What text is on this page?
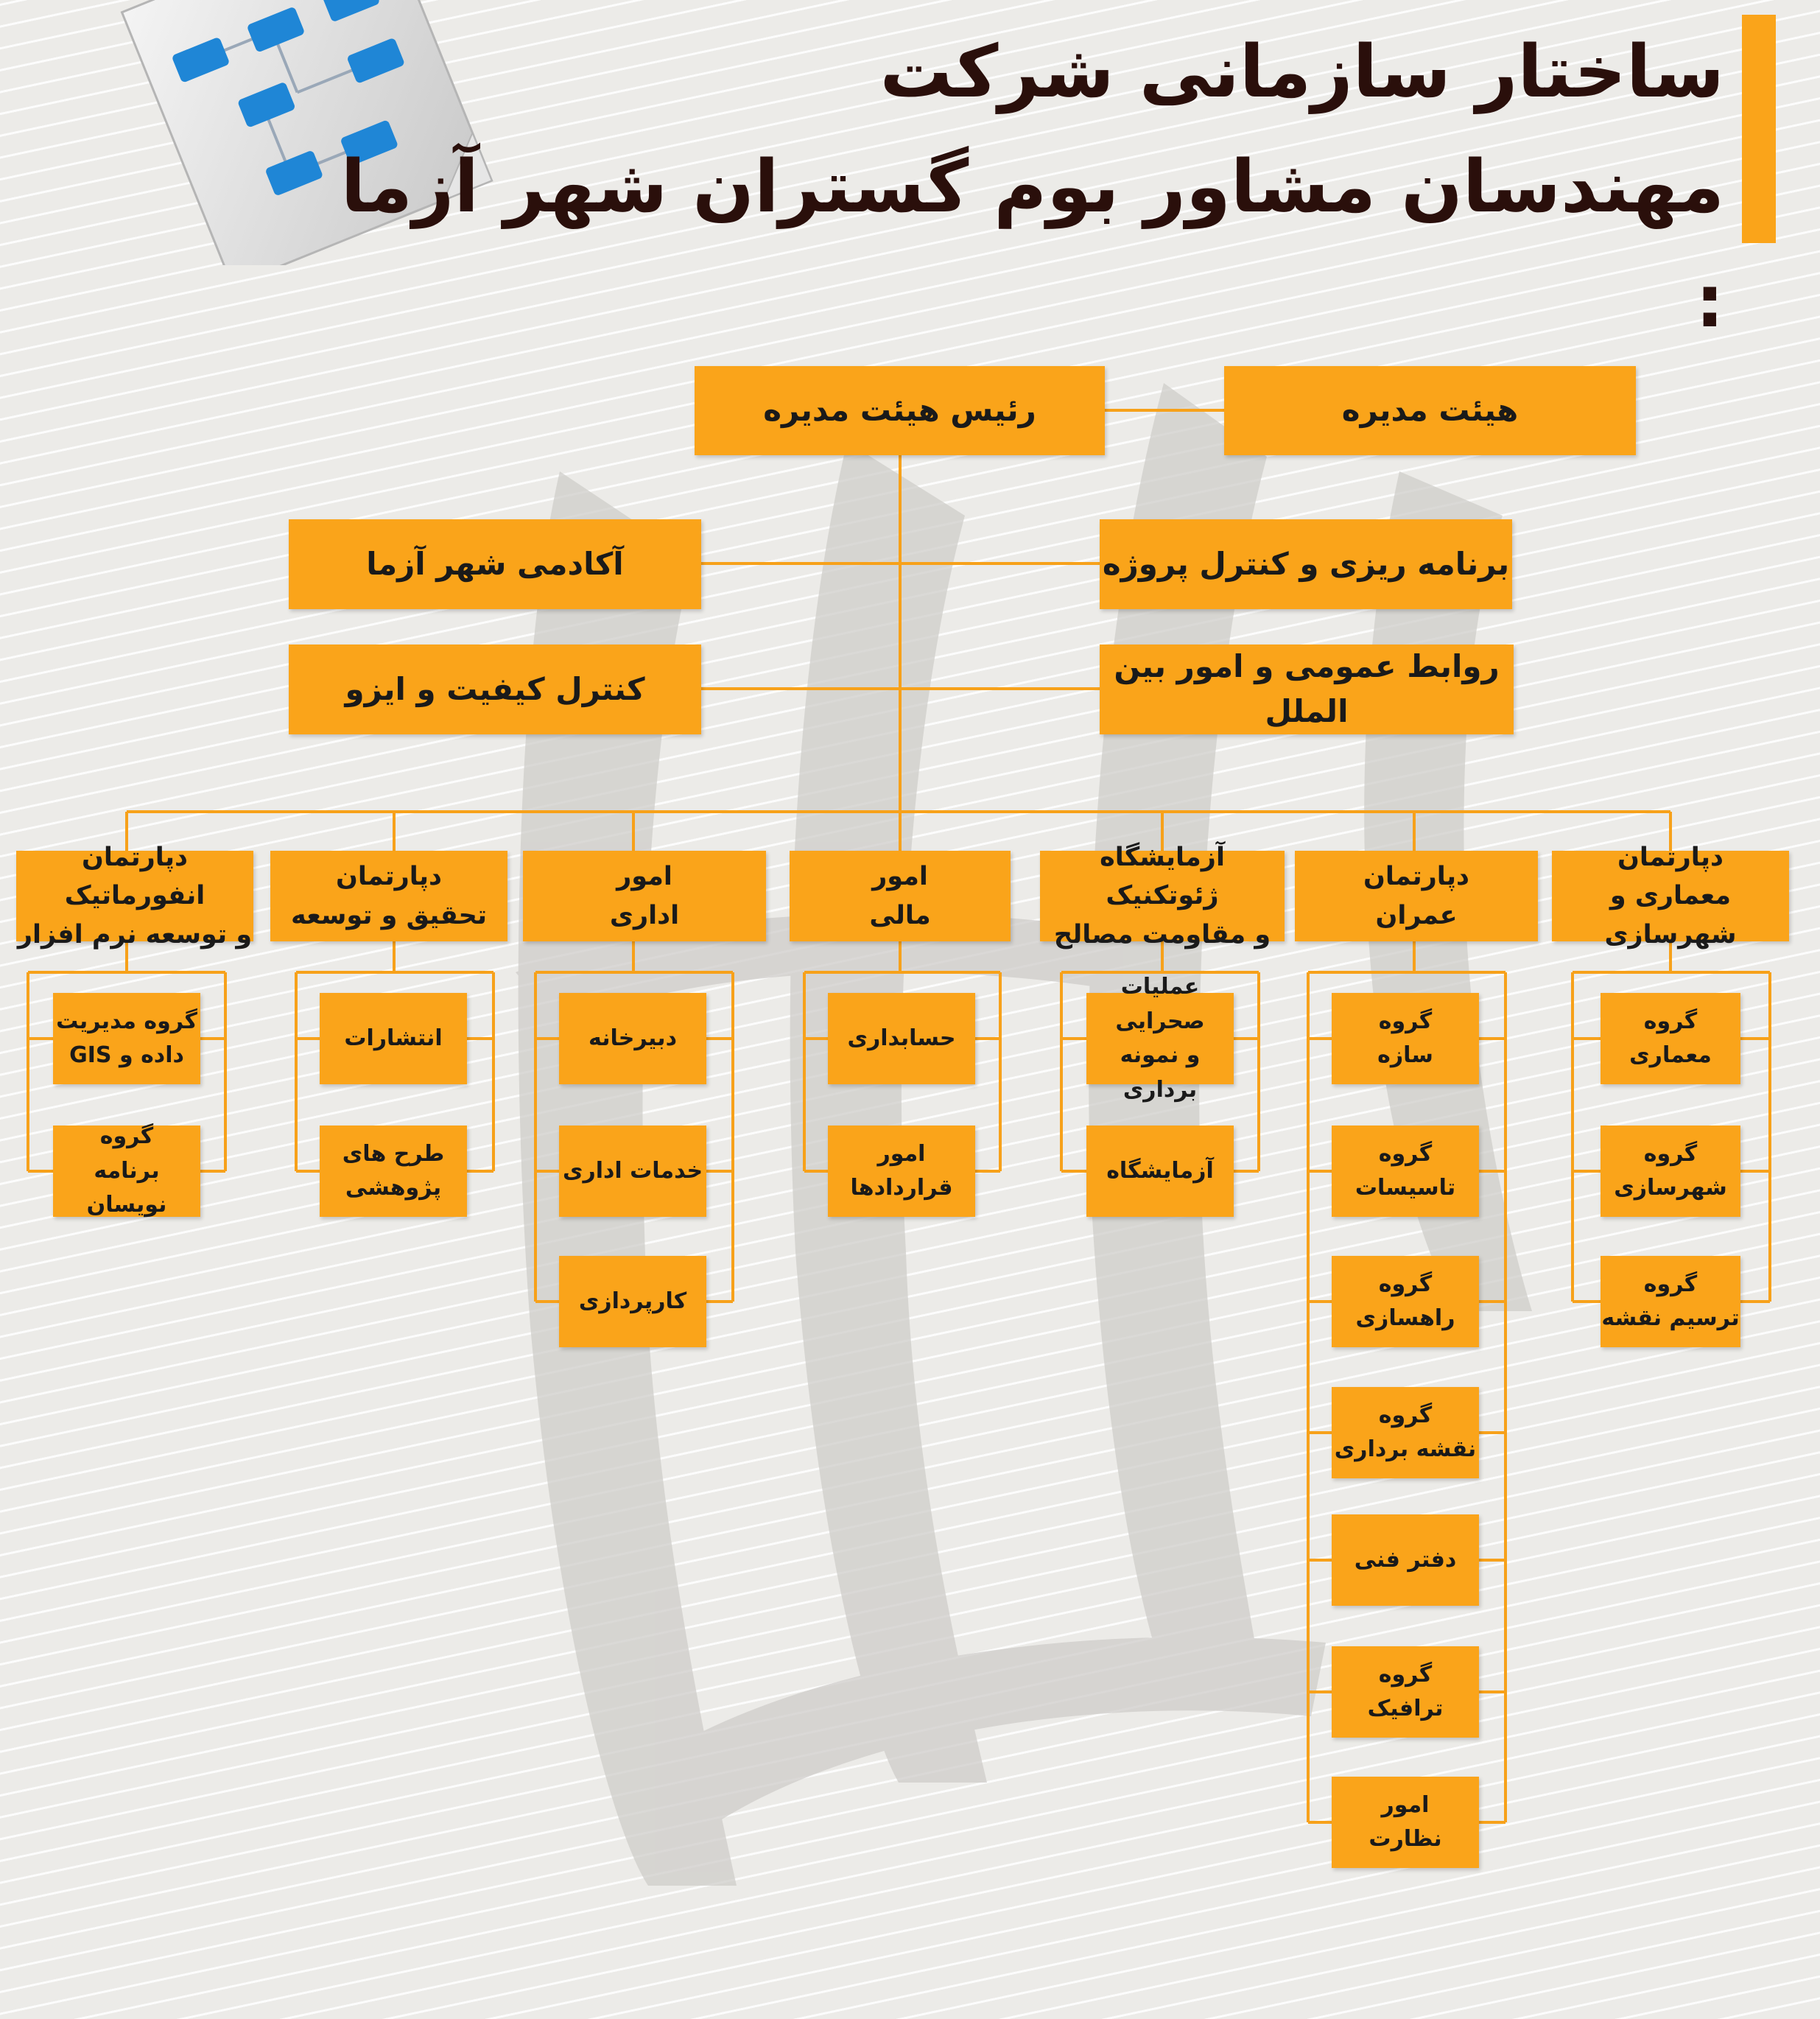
ساختار سازمانی شرکت
مهندسان مشاور بوم گستران شهر آزما :
رئیس هیئت مدیره	هیئت مدیره
برنامه ریزی و کنترل پروژه
آکادمی شهر آزما
روابط عمومی و امور بین الملل
کنترل کیفیت و ایزو
دپارتمان
معماری و شهرسازی
دپارتمان
عمران
آزمایشگاه ژئوتکنیک
و مقاومت مصالح
امور
مالی
امور
اداری
دپارتمان
تحقیق و توسعه
دپارتمان انفورماتیک
و توسعه نرم افزار
گروه
معماری
گروه
شهرسازی
گروه
ترسیم نقشه
گروه
سازه
گروه
تاسیسات
گروه
راهسازی
گروه
نقشه برداری
دفتر فنی
گروه
ترافیک
امور
نظارت
عملیات صحرایی
و نمونه برداری
آزمایشگاه
حسابداری
امور
قراردادها
دبیرخانه
خدمات اداری
کارپردازی
انتشارات
طرح های
پژوهشی
گروه مدیریت
داده و GIS
گروه
برنامه نویسان
